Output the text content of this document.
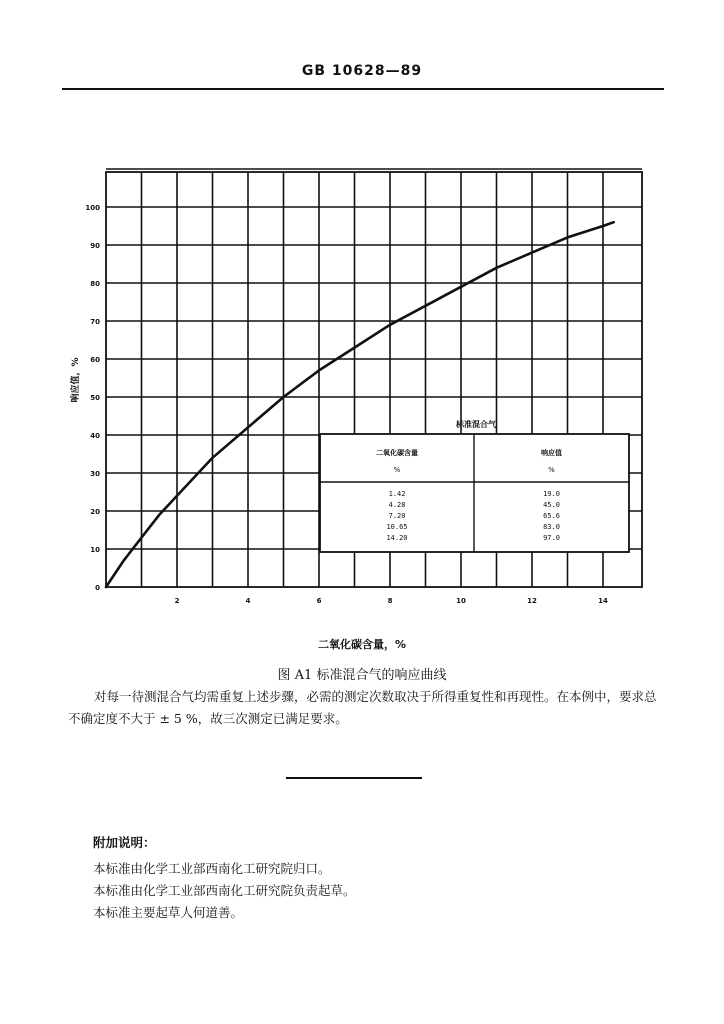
GB 10628—89
0
10
20
30
40
50
60
70
80
90
100
2	4	6	8	10	12	14
响应值，%
标准混合气
二氧化碳含量	响应值
%	%
1.42	19.0
4.28	45.0
7.20	65.6
10.65	83.0
14.20	97.0
二氧化碳含量，%
图 A1 标准混合气的响应曲线

对每一待测混合气均需重复上述步骤，必需的测定次数取决于所得重复性和再现性。在本例中，要求总不确定度不大于 ± 5 %，故三次测定已满足要求。

附加说明：
本标准由化学工业部西南化工研究院归口。
本标准由化学工业部西南化工研究院负责起草。
本标准主要起草人何道善。
